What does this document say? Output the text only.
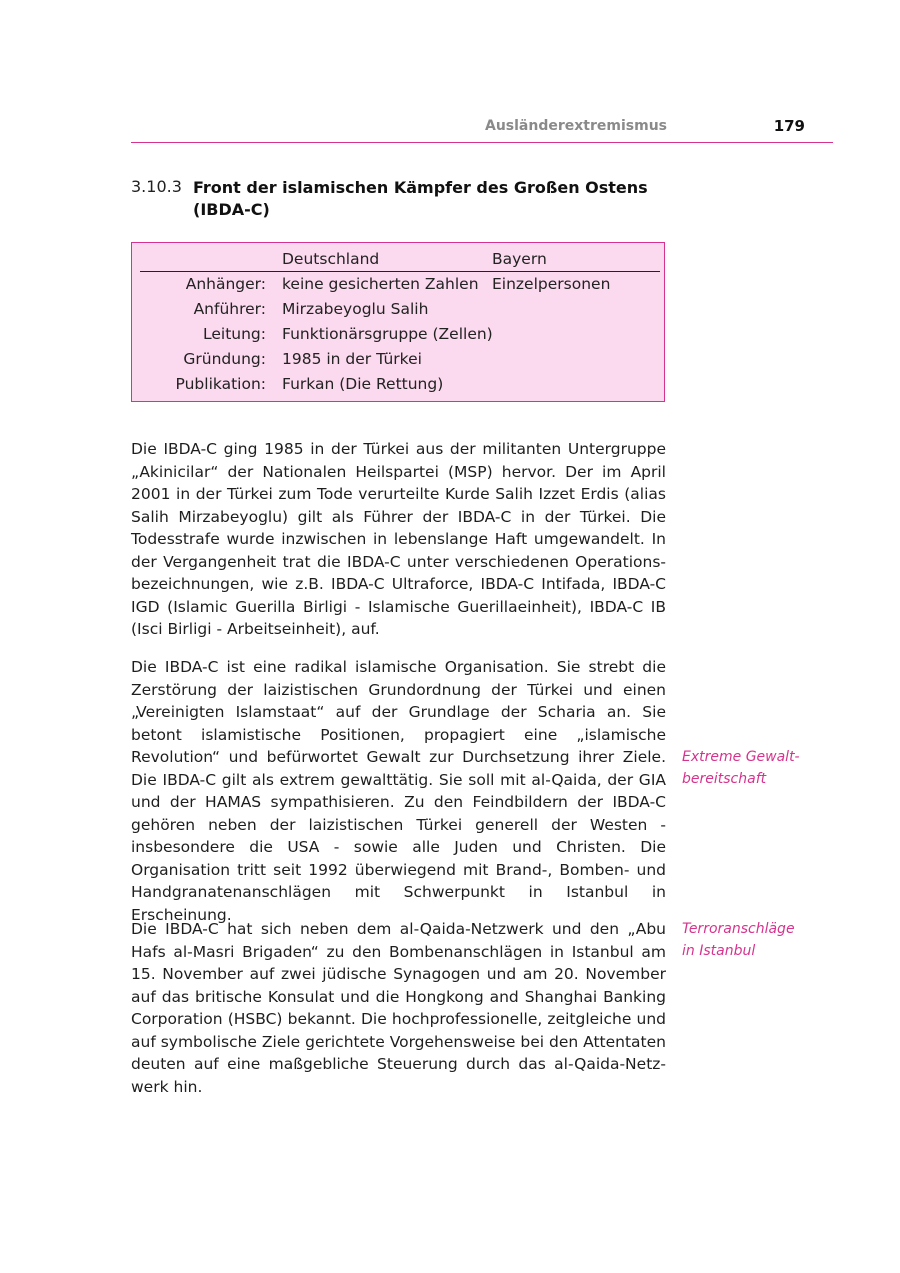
Ausländerextremismus	179
3.10.3 Front der islamischen Kämpfer des Großen Ostens
(IBDA-C)
Deutschland	Bayern
Anhänger: keine gesicherten Zahlen Einzelpersonen
Anführer: Mirzabeyoglu Salih
Leitung: Funktionärsgruppe (Zellen)
Gründung: 1985 in der Türkei
Publikation: Furkan (Die Rettung)

Die IBDA-C ging 1985 in der Türkei aus der militanten Untergruppe „Akinicilar“ der Nationalen Heilspartei (MSP) hervor. Der im April 2001 in der Türkei zum Tode verurteilte Kurde Salih Izzet Erdis (alias Salih Mirzabeyoglu) gilt als Führer der IBDA-C in der Türkei. Die Todesstrafe wurde inzwischen in lebenslange Haft umgewandelt. In der Vergangenheit trat die IBDA-C unter verschiedenen Operationsbezeichnungen, wie z.B. IBDA-C Ultraforce, IBDA-C Intifada, IBDA-C IGD (Islamic Guerilla Birligi - Islamische Guerillaeinheit), IBDA-C IB (Isci Birligi - Arbeitseinheit), auf.

Die IBDA-C ist eine radikal islamische Organisation. Sie strebt die Zerstörung der laizistischen Grundordnung der Türkei und einen „Vereinigten Islamstaat“ auf der Grundlage der Scharia an. Sie betont islamistische Positionen, propagiert eine „islamische Revolution“ und befürwortet Gewalt zur Durchsetzung ihrer Ziele. Die IBDA-C gilt als extrem gewalttätig. Sie soll mit al-Qaida, der GIA und der HAMAS sympathisieren. Zu den Feindbildern der IBDA-C gehören neben der laizistischen Türkei generell der Westen - insbesondere die USA - sowie alle Juden und Christen. Die Organisation tritt seit 1992 überwiegend mit Brand-, Bomben- und Handgranatenanschlägen mit Schwerpunkt in Istanbul in Erscheinung.

Die IBDA-C hat sich neben dem al-Qaida-Netzwerk und den „Abu Hafs al-Masri Brigaden“ zu den Bombenanschlägen in Istanbul am 15. November auf zwei jüdische Synagogen und am 20. November auf das britische Konsulat und die Hongkong and Shanghai Banking Corporation (HSBC) bekannt. Die hochprofessionelle, zeitgleiche und auf symbolische Ziele gerichtete Vorgehensweise bei den Attentaten deuten auf eine maßgebliche Steuerung durch das al-Qaida-Netzwerk hin.

Extreme Gewalt-
bereitschaft
Terroranschläge
in Istanbul
